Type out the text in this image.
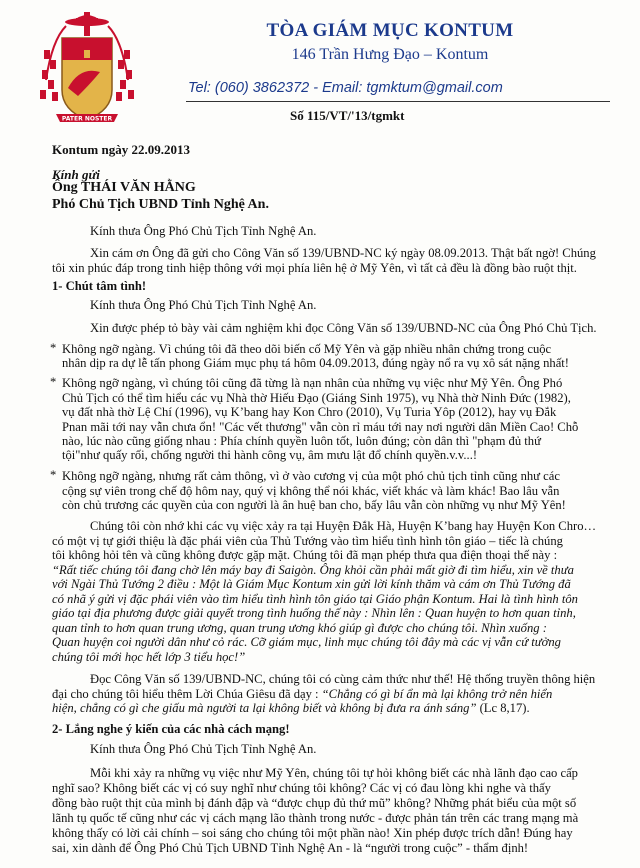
PATER NOSTER
TÒA GIÁM MỤC KONTUM
146 Trần Hưng Đạo – Kontum
Tel: (060) 3862372 - Email: tgmktum@gmail.com
Số 115/VT/'13/tgmkt
Kontum ngày 22.09.2013
Kính gửi
Ông THÁI VĂN HẰNG
Phó Chủ Tịch UBND Tỉnh Nghệ An.
Kính thưa Ông Phó Chủ Tịch Tỉnh Nghệ An.
Xin cám ơn Ông đã gửi cho Công Văn số 139/UBND-NC ký ngày 08.09.2013. Thật bất ngờ! Chúng
tôi xin phúc đáp trong tinh hiệp thông với mọi phía liên hệ ở Mỹ Yên, vì tất cả đều là đồng bào ruột thịt.
1- Chút tâm tình!
Kính thưa Ông Phó Chủ Tịch Tỉnh Nghệ An.
Xin được phép tỏ bày vài cảm nghiệm khi đọc Công Văn số 139/UBND-NC của Ông Phó Chủ Tịch.
* Không ngỡ ngàng. Vì chúng tôi đã theo dõi biến cố Mỹ Yên và gặp nhiều nhân chứng trong cuộc
nhân dịp ra dự lễ tấn phong Giám mục phụ tá hôm 04.09.2013, đúng ngày nổ ra vụ xô sát nặng nhất!
* Không ngỡ ngàng, vì chúng tôi cũng đã từng là nạn nhân của những vụ việc như Mỹ Yên. Ông Phó
Chủ Tịch có thể tìm hiểu các vụ Nhà thờ Hiếu Đạo (Giáng Sinh 1975), vụ Nhà thờ Ninh Đức (1982),
vụ đất nhà thờ Lệ Chí (1996), vụ K’bang hay Kon Chro (2010), Vụ Turia Yôp (2012), hay vụ Đắk
Pnan mãi tới nay vẫn chưa ổn! "Các vết thương" vẫn còn rỉ máu tới nay nơi người dân Miền Cao! Chỗ
nào, lúc nào cũng giống nhau : Phía chính quyền luôn tốt, luôn đúng; còn dân thì "phạm đủ thứ
tội"như quấy rối, chống người thi hành công vụ, âm mưu lật đổ chính quyền.v.v...!
* Không ngỡ ngàng, nhưng rất cảm thông, vì ở vào cương vị của một phó chủ tịch tỉnh cũng như các
cộng sự viên trong chế độ hôm nay, quý vị không thể nói khác, viết khác và làm khác! Bao lâu vẫn
còn chủ trương các quyền của con người là ân huệ ban cho, bấy lâu vẫn còn những vụ như Mỹ Yên!
Chúng tôi còn nhớ khi các vụ việc xảy ra tại Huyện Đắk Hà, Huyện K’bang hay Huyện Kon Chro…
có một vị tự giới thiệu là đặc phái viên của Thủ Tướng vào tìm hiểu tình hình tôn giáo – tiếc là chúng
tôi không hỏi tên và cũng không được gặp mặt. Chúng tôi đã mạn phép thưa qua điện thoại thế này :
“Rất tiếc chúng tôi đang chờ lên máy bay đi Saigòn. Ông khỏi cần phải mất giờ đi tìm hiểu, xin về thưa
với Ngài Thủ Tướng 2 điều : Một là Giám Mục Kontum xin gửi lời kính thăm và cám ơn Thủ Tướng đã
có nhã ý gửi vị đặc phái viên vào tìm hiểu tình hình tôn giáo tại Giáo phận Kontum. Hai là tình hình tôn
giáo tại địa phương được giải quyết trong tình huống thế này : Nhìn lên : Quan huyện to hơn quan tỉnh,
quan tỉnh to hơn quan trung ương, quan trung ương khó giúp gì được cho chúng tôi. Nhìn xuống :
Quan huyện coi người dân như cỏ rác. Cỡ giám mục, linh mục chúng tôi đây mà các vị vẫn cứ tưởng
chúng tôi mới học hết lớp 3 tiểu học!”
Đọc Công Văn số 139/UBND-NC, chúng tôi có cùng cảm thức như thế! Hệ thống truyền thông hiện
đại cho chúng tôi hiểu thêm Lời Chúa Giêsu đã dạy : “Chẳng có gì bí ẩn mà lại không trở nên hiển
hiện, chẳng có gì che giấu mà người ta lại không biết và không bị đưa ra ánh sáng” (Lc 8,17).
2- Lắng nghe ý kiến của các nhà cách mạng!
Kính thưa Ông Phó Chủ Tịch Tỉnh Nghệ An.
Mỗi khi xảy ra những vụ việc như Mỹ Yên, chúng tôi tự hỏi không biết các nhà lãnh đạo cao cấp
nghĩ sao? Không biết các vị có suy nghĩ như chúng tôi không? Các vị có đau lòng khi nghe và thấy
đồng bào ruột thịt của mình bị đánh đập và “được chụp đủ thứ mũ” không? Những phát biểu của một số
lãnh tụ quốc tế cũng như các vị cách mạng lão thành trong nước - được phản tán trên các trang mạng mà
không thấy có lời cải chính – soi sáng cho chúng tôi một phần nào! Xin phép được trích dẫn! Đúng hay
sai, xin dành để Ông Phó Chủ Tịch UBND Tỉnh Nghệ An - là “người trong cuộc” - thẩm định!
